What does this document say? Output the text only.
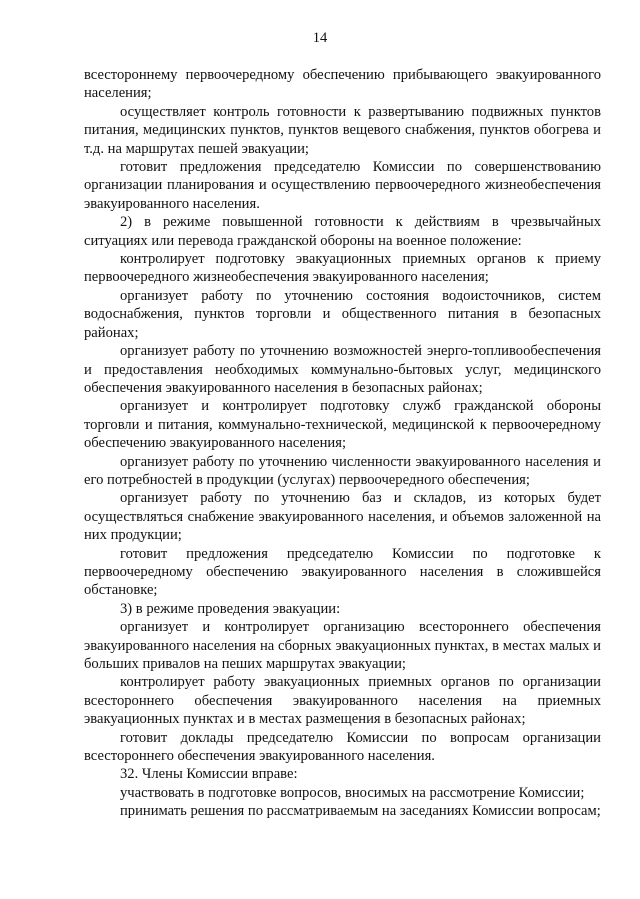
14

всестороннему первоочередному обеспечению прибывающего эвакуированного населения;

осуществляет контроль готовности к развертыванию подвижных пунктов питания, медицинских пунктов, пунктов вещевого снабжения, пунктов обогрева и т.д. на маршрутах пешей эвакуации;

готовит предложения председателю Комиссии по совершенствованию организации планирования и осуществлению первоочередного жизнеобеспечения эвакуированного населения.

2) в режиме повышенной готовности к действиям в чрезвычайных ситуациях или перевода гражданской обороны на военное положение:

контролирует подготовку эвакуационных приемных органов к приему первоочередного жизнеобеспечения эвакуированного населения;

организует работу по уточнению состояния водоисточников, систем водоснабжения, пунктов торговли и общественного питания в безопасных районах;

организует работу по уточнению возможностей энерго-топливообеспечения и предоставления необходимых коммунально-бытовых услуг, медицинского обеспечения эвакуированного населения в безопасных районах;

организует и контролирует подготовку служб гражданской обороны торговли и питания, коммунально-технической, медицинской к первоочередному обеспечению эвакуированного населения;

организует работу по уточнению численности эвакуированного населения и его потребностей в продукции (услугах) первоочередного обеспечения;

организует работу по уточнению баз и складов, из которых будет осуществляться снабжение эвакуированного населения, и объемов заложенной на них продукции;

готовит предложения председателю Комиссии по подготовке к первоочередному обеспечению эвакуированного населения в сложившейся обстановке;

3) в режиме проведения эвакуации:

организует и контролирует организацию всестороннего обеспечения эвакуированного населения на сборных эвакуационных пунктах, в местах малых и больших привалов на пеших маршрутах эвакуации;

контролирует работу эвакуационных приемных органов по организации всестороннего обеспечения эвакуированного населения на приемных эвакуационных пунктах и в местах размещения в безопасных районах;

готовит доклады председателю Комиссии по вопросам организации всестороннего обеспечения эвакуированного населения.

32. Члены Комиссии вправе:

участвовать в подготовке вопросов, вносимых на рассмотрение Комиссии;

принимать решения по рассматриваемым на заседаниях Комиссии вопросам;
